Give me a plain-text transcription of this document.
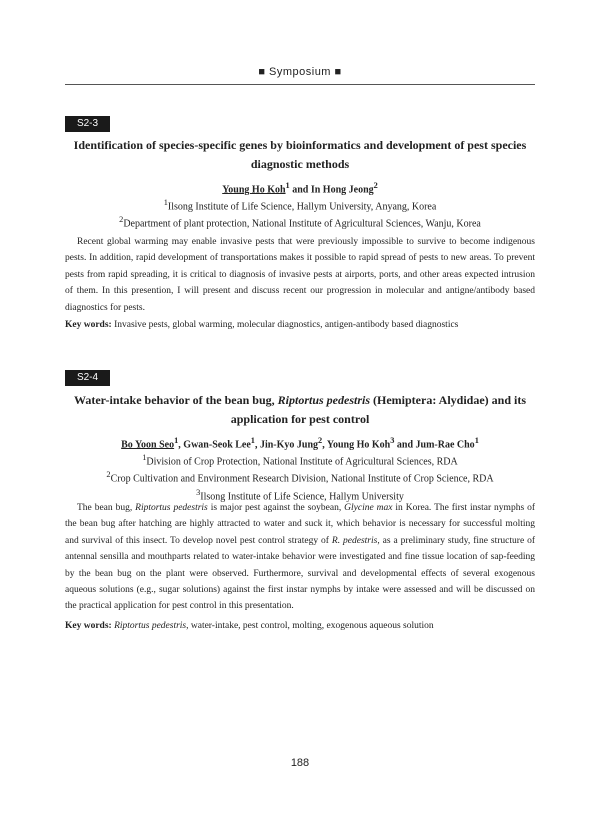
■ Symposium ■
S2-3
Identification of species-specific genes by bioinformatics and development of pest species
diagnostic methods
Young Ho Koh$^1$ and In Hong Jeong$^2$
$^1$Ilsong Institute of Life Science, Hallym University, Anyang, Korea
$^2$Department of plant protection, National Institute of Agricultural Sciences, Wanju, Korea

Recent global warming may enable invasive pests that were previously impossible to survive to become indigenous pests. In addition, rapid development of transportations makes it possible to rapid spread of pests to new areas. To prevent pests from rapid spreading, it is critical to diagnosis of invasive pests at airports, ports, and other areas expected intrusion of them. In this presention, I will present and discuss recent our progression in molecular and antigne/antibody based diagnostics for pests.

Key words: Invasive pests, global warming, molecular diagnostics, antigen-antibody based diagnostics
S2-4
Water-intake behavior of the bean bug, Riptortus pedestris (Hemiptera: Alydidae) and its
application for pest control
Bo Yoon Seo$^1$, Gwan-Seok Lee$^1$, Jin-Kyo Jung$^2$, Young Ho Koh$^3$ and Jum-Rae Cho$^1$
$^1$Division of Crop Protection, National Institute of Agricultural Sciences, RDA
$^2$Crop Cultivation and Environment Research Division, National Institute of Crop Science, RDA
$^3$Ilsong Institute of Life Science, Hallym University

The bean bug, Riptortus pedestris is major pest against the soybean, Glycine max in Korea. The first instar nymphs of the bean bug after hatching are highly attracted to water and suck it, which behavior is necessary for successful molting and survival of this insect. To develop novel pest control strategy of R. pedestris, as a preliminary study, fine structure of antennal sensilla and mouthparts related to water-intake behavior were investigated and fine tissue location of sap-feeding by the bean bug on the plant were observed. Furthermore, survival and developmental effects of several exogenous aqueous solutions (e.g., sugar solutions) against the first instar nymphs by intake were assessed and will be discussed on the practical application for pest control in this presentation.

Key words: Riptortus pedestris, water-intake, pest control, molting, exogenous aqueous solution
188
